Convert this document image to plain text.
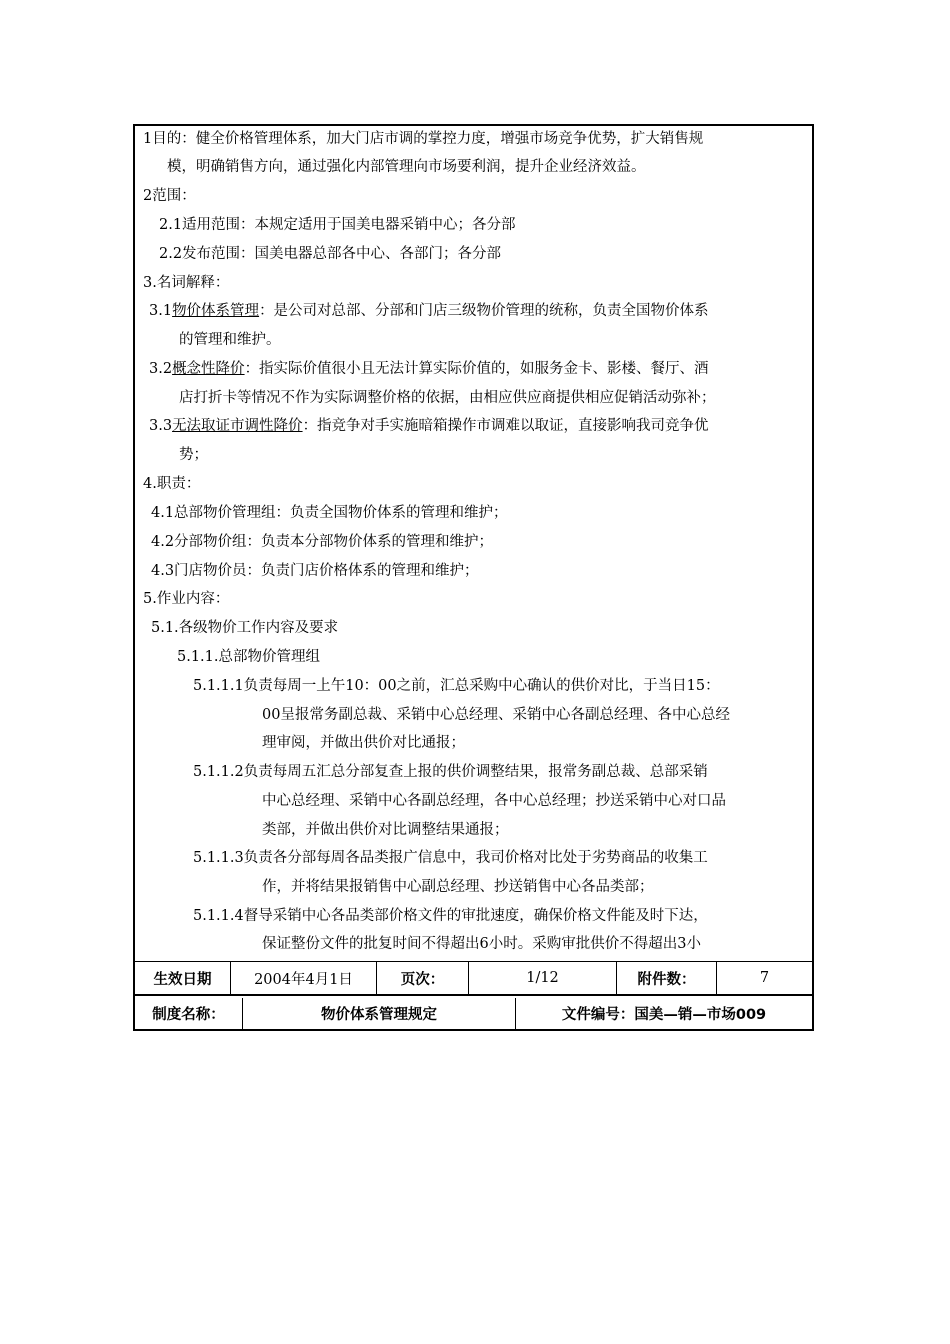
1目的：健全价格管理体系，加大门店市调的掌控力度，增强市场竞争优势，扩大销售规
模，明确销售方向，通过强化内部管理向市场要利润，提升企业经济效益。
2范围：
2.1适用范围：本规定适用于国美电器采销中心；各分部
2.2发布范围：国美电器总部各中心、各部门；各分部
3.名词解释：
3.1物价体系管理：是公司对总部、分部和门店三级物价管理的统称，负责全国物价体系
的管理和维护。
3.2概念性降价：指实际价值很小且无法计算实际价值的，如服务金卡、影楼、餐厅、酒
店打折卡等情况不作为实际调整价格的依据，由相应供应商提供相应促销活动弥补；
3.3无法取证市调性降价：指竞争对手实施暗箱操作市调难以取证，直接影响我司竞争优
势；
4.职责：
4.1总部物价管理组：负责全国物价体系的管理和维护；
4.2分部物价组：负责本分部物价体系的管理和维护；
4.3门店物价员：负责门店价格体系的管理和维护；
5.作业内容：
5.1.各级物价工作内容及要求
5.1.1.总部物价管理组
5.1.1.1负责每周一上午10：00之前，汇总采购中心确认的供价对比，于当日15：
00呈报常务副总裁、采销中心总经理、采销中心各副总经理、各中心总经
理审阅，并做出供价对比通报；
5.1.1.2负责每周五汇总分部复查上报的供价调整结果，报常务副总裁、总部采销
中心总经理、采销中心各副总经理，各中心总经理；抄送采销中心对口品
类部，并做出供价对比调整结果通报；
5.1.1.3负责各分部每周各品类报广信息中，我司价格对比处于劣势商品的收集工
作，并将结果报销售中心副总经理、抄送销售中心各品类部；
5.1.1.4督导采销中心各品类部价格文件的审批速度，确保价格文件能及时下达，
保证整份文件的批复时间不得超出6小时。采购审批供价不得超出3小
生效日期	2004年4月1日	页次：	1/12	附件数：	7
制度名称：	物价体系管理规定	文件编号：国美—销—市场009
